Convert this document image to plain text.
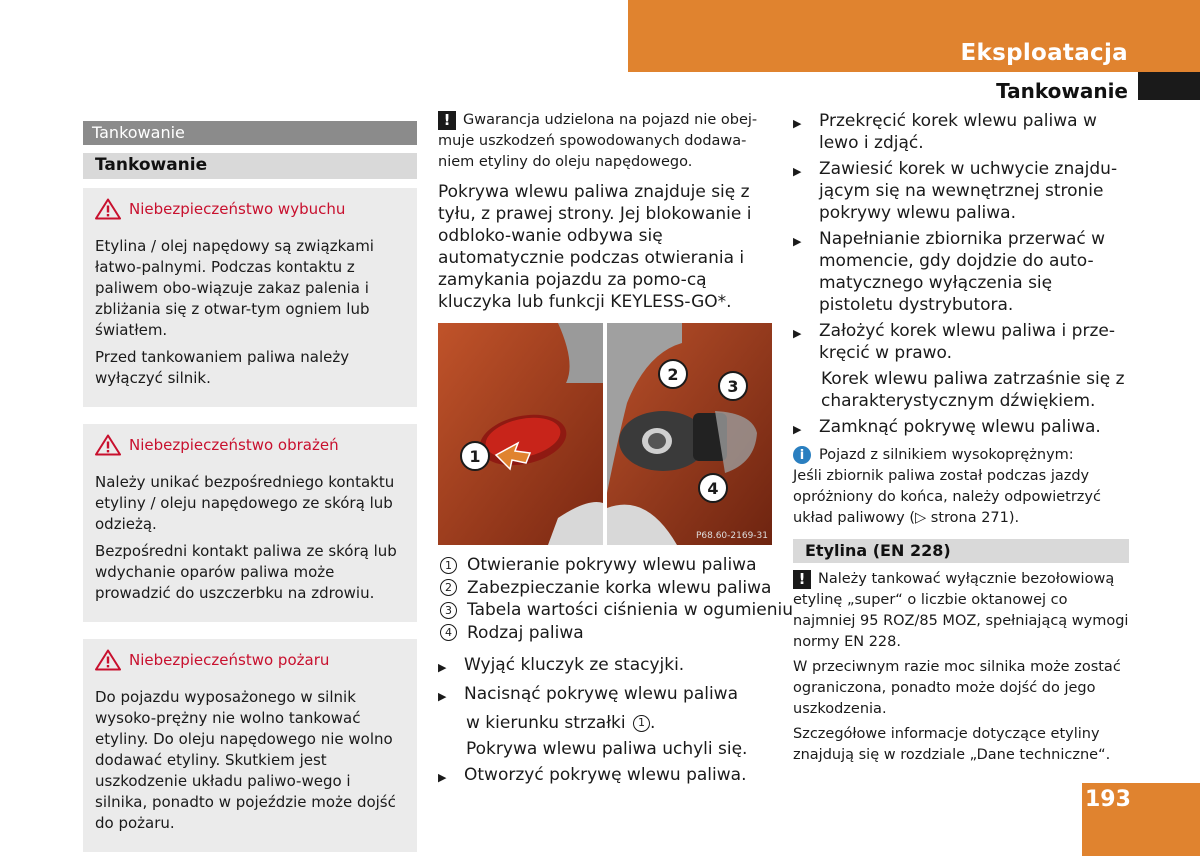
Eksploatacja
Tankowanie
Tankowanie
Tankowanie
Niebezpieczeństwo wybuchu

Etylina / olej napędowy są związkami łatwo-palnymi. Podczas kontaktu z paliwem obo-wiązuje zakaz palenia i zbliżania się z otwar-tym ogniem lub światłem.

Przed tankowaniem paliwa należy wyłączyć silnik.

Niebezpieczeństwo obrażeń

Należy unikać bezpośredniego kontaktu etyliny / oleju napędowego ze skórą lub odzieżą.

Bezpośredni kontakt paliwa ze skórą lub wdychanie oparów paliwa może prowadzić do uszczerbku na zdrowiu.

Niebezpieczeństwo pożaru

Do pojazdu wyposażonego w silnik wysoko-prężny nie wolno tankować etyliny. Do oleju napędowego nie wolno dodawać etyliny. Skutkiem jest uszkodzenie układu paliwo-wego i silnika, ponadto w pojeździe może dojść do pożaru.

! Gwarancja udzielona na pojazd nie obej-muje uszkodzeń spowodowanych dodawa-niem etyliny do oleju napędowego.

Pokrywa wlewu paliwa znajduje się z tyłu, z prawej strony. Jej blokowanie i odbloko-wanie odbywa się automatycznie podczas otwierania i zamykania pojazdu za pomo-cą kluczyka lub funkcji KEYLESS-GO*.

1
2
3
4
P68.60-2169-31
1 Otwieranie pokrywy wlewu paliwa
2 Zabezpieczanie korka wlewu paliwa
3 Tabela wartości ciśnienia w ogumieniu
4 Rodzaj paliwa
▶	Wyjąć kluczyk ze stacyjki.
▶	Nacisnąć pokrywę wlewu paliwa
w kierunku strzałki 1 .
Pokrywa wlewu paliwa uchyli się.
▶	Otworzyć pokrywę wlewu paliwa.
▶	Przekręcić korek wlewu paliwa w lewo i zdjąć.
▶	Zawiesić korek w uchwycie znajdu-jącym się na wewnętrznej stronie pokrywy wlewu paliwa.
▶	Napełnianie zbiornika przerwać w momencie, gdy dojdzie do auto-matycznego wyłączenia się pistoletu dystrybutora.
▶	Założyć korek wlewu paliwa i prze-kręcić w prawo.
Korek wlewu paliwa zatrzaśnie się z charakterystycznym dźwiękiem.
▶	Zamknąć pokrywę wlewu paliwa.

i Pojazd z silnikiem wysokoprężnym:

Jeśli zbiornik paliwa został podczas jazdy opróżniony do końca, należy odpowietrzyć układ paliwowy (▷ strona 271).

Etylina (EN 228)

! Należy tankować wyłącznie bezołowiową etylinę „super“ o liczbie oktanowej co najmniej 95 ROZ/85 MOZ, spełniającą wymogi normy EN 228.

W przeciwnym razie moc silnika może zostać ograniczona, ponadto może dojść do jego uszkodzenia.

Szczegółowe informacje dotyczące etyliny znajdują się w rozdziale „Dane techniczne“.

193
